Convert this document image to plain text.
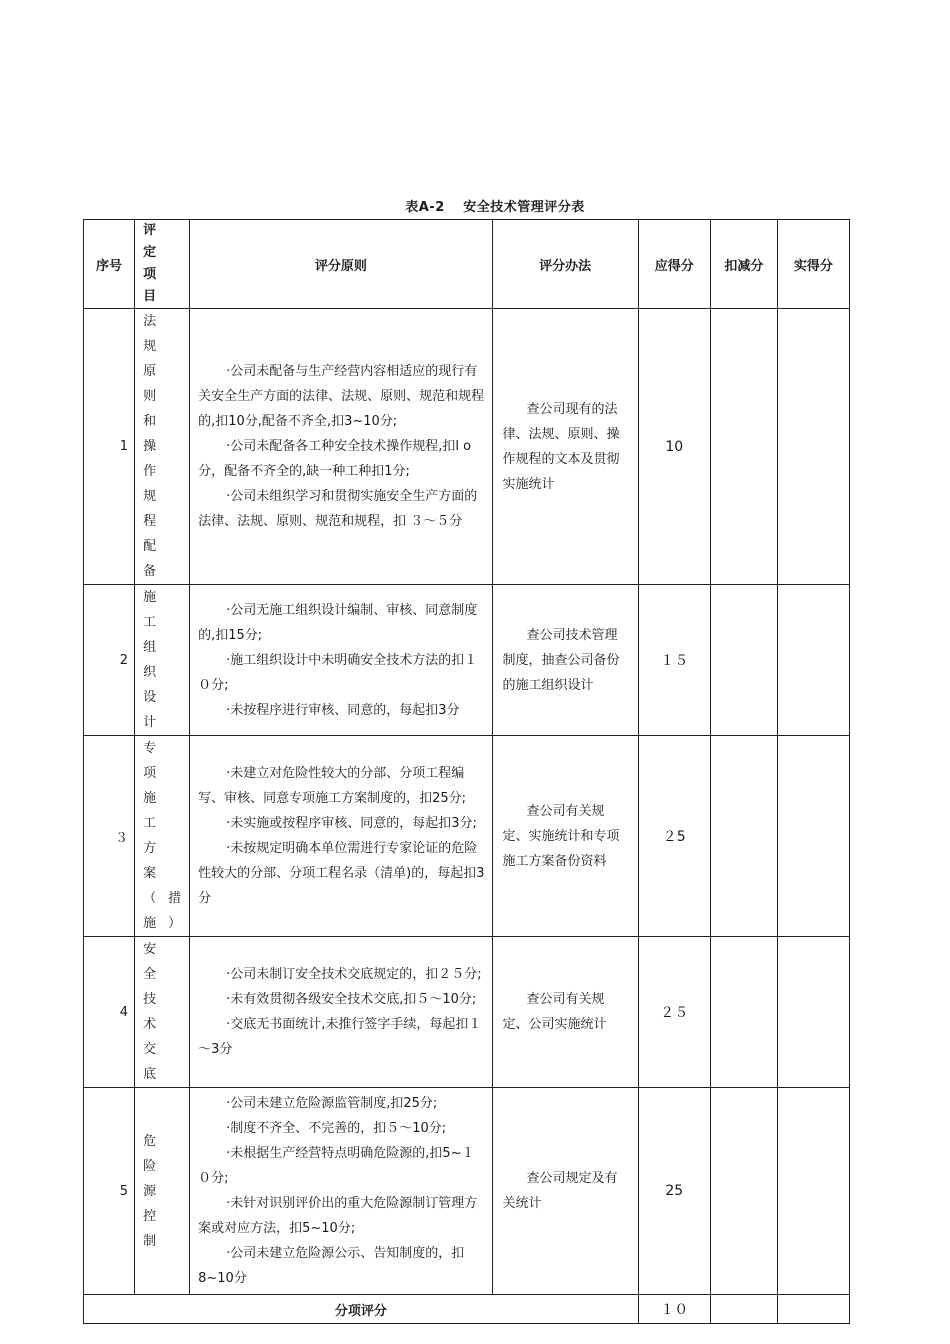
表A-2　 安全技术管理评分表
序号	评 定 项 目	评分原则	评分办法	应得分	扣减分	实得分
1	法规原则和操作规程配备	·公司未配备与生产经营内容相适应的现行有关安全生产方面的法律、法规、原则、规范和规程的,扣10分,配备不齐全,扣3~10分;

·公司未配备各工种安全技术操作规程,扣l o分，配备不齐全的,缺一种工种扣1分;

·公司未组织学习和贯彻实施安全生产方面的法律、法规、原则、规范和规程，扣 ３～５分	查公司现有的法律、法规、原则、操作规程的文本及贯彻实施统计	10		
2	施工组织设计	·公司无施工组织设计编制、审核、同意制度的,扣15分;

·施工组织设计中未明确安全技术方法的扣１０分;

·未按程序进行审核、同意的，每起扣3分	查公司技术管理制度，抽查公司备份的施工组织设计	１５		
３	专项施工方案（措施）	·未建立对危险性较大的分部、分项工程编写、审核、同意专项施工方案制度的，扣25分;

·未实施或按程序审核、同意的，每起扣3分;

·未按规定明确本单位需进行专家论证的危险性较大的分部、分项工程名录（清单)的，每起扣3分	查公司有关规定、实施统计和专项施工方案备份资料	２5		
4	安全技术交底	·公司未制订安全技术交底规定的，扣２５分;

·未有效贯彻各级安全技术交底,扣５～10分;

·交底无书面统计,未推行签字手续，每起扣１～3分	查公司有关规定、公司实施统计	２５		
5	危险源控制	·公司未建立危险源监管制度,扣25分;

·制度不齐全、不完善的，扣５～10分;

·未根据生产经营特点明确危险源的,扣5~１０分;

·未针对识别评价出的重大危险源制订管理方案或对应方法，扣5~10分;

·公司未建立危险源公示、告知制度的，扣8~10分	查公司规定及有关统计	25		
分项评分				１０		
